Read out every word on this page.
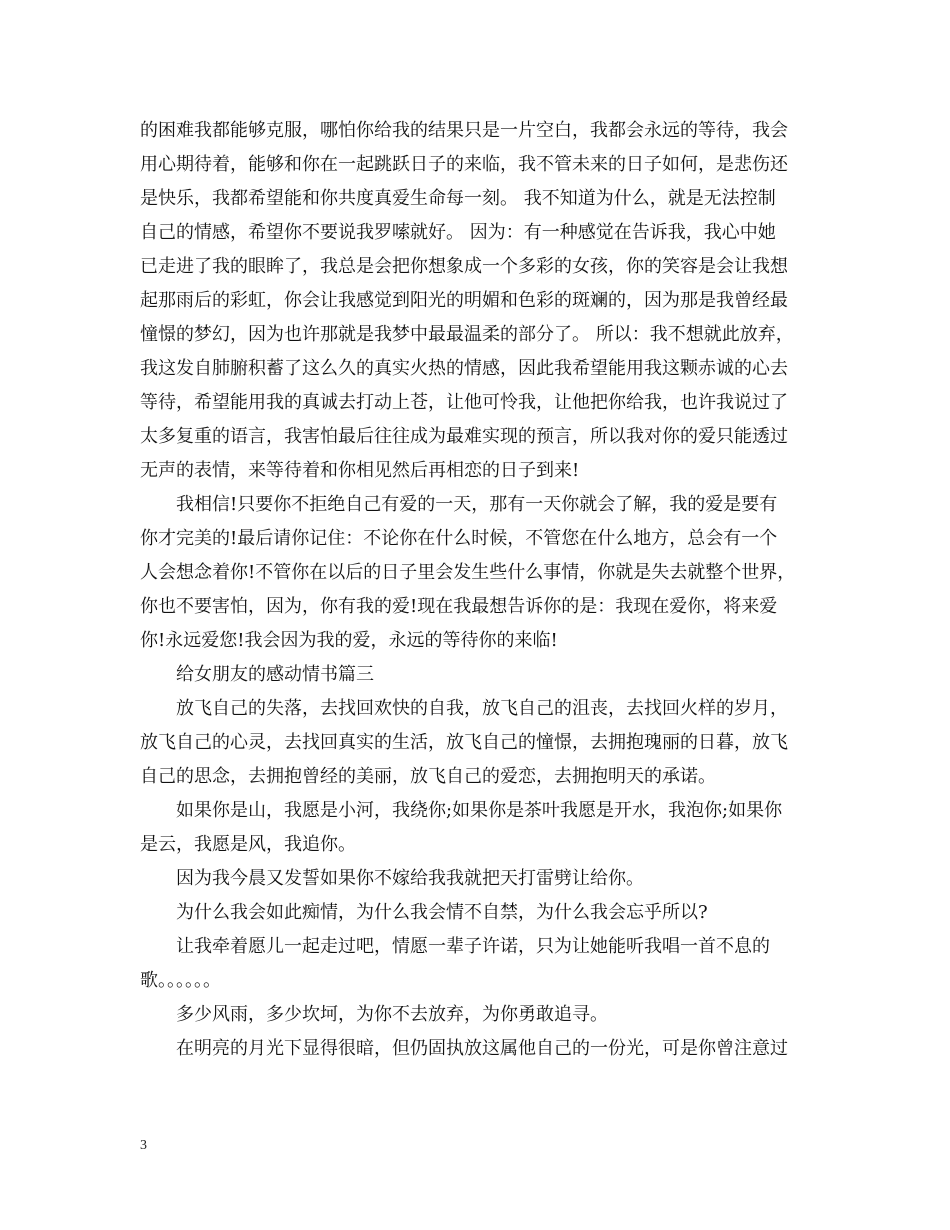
的困难我都能够克服，哪怕你给我的结果只是一片空白，我都会永远的等待，我会
用心期待着，能够和你在一起跳跃日子的来临，我不管未来的日子如何，是悲伤还
是快乐，我都希望能和你共度真爱生命每一刻。 我不知道为什么，就是无法控制
自己的情感，希望你不要说我罗嗦就好。 因为：有一种感觉在告诉我，我心中她
已走进了我的眼眸了，我总是会把你想象成一个多彩的女孩，你的笑容是会让我想
起那雨后的彩虹，你会让我感觉到阳光的明媚和色彩的斑斓的，因为那是我曾经最
憧憬的梦幻，因为也许那就是我梦中最最温柔的部分了。 所以：我不想就此放弃，
我这发自肺腑积蓄了这么久的真实火热的情感，因此我希望能用我这颗赤诚的心去
等待，希望能用我的真诚去打动上苍，让他可怜我，让他把你给我，也许我说过了
太多复重的语言，我害怕最后往往成为最难实现的预言，所以我对你的爱只能透过
无声的表情，来等待着和你相见然后再相恋的日子到来!
我相信!只要你不拒绝自己有爱的一天，那有一天你就会了解，我的爱是要有
你才完美的!最后请你记住：不论你在什么时候，不管您在什么地方，总会有一个
人会想念着你!不管你在以后的日子里会发生些什么事情，你就是失去就整个世界，
你也不要害怕，因为，你有我的爱!现在我最想告诉你的是：我现在爱你，将来爱
你!永远爱您!我会因为我的爱，永远的等待你的来临!
给女朋友的感动情书篇三
放飞自己的失落，去找回欢快的自我，放飞自己的沮丧，去找回火样的岁月，
放飞自己的心灵，去找回真实的生活，放飞自己的憧憬，去拥抱瑰丽的日暮，放飞
自己的思念，去拥抱曾经的美丽，放飞自己的爱恋，去拥抱明天的承诺。
如果你是山，我愿是小河，我绕你;如果你是茶叶我愿是开水，我泡你;如果你
是云，我愿是风，我追你。
因为我今晨又发誓如果你不嫁给我我就把天打雷劈让给你。
为什么我会如此痴情，为什么我会情不自禁，为什么我会忘乎所以?
让我牵着愿儿一起走过吧，情愿一辈子许诺，只为让她能听我唱一首不息的
歌。。。。。。
多少风雨，多少坎坷，为你不去放弃，为你勇敢追寻。
在明亮的月光下显得很暗，但仍固执放这属他自己的一份光，可是你曾注意过
3
